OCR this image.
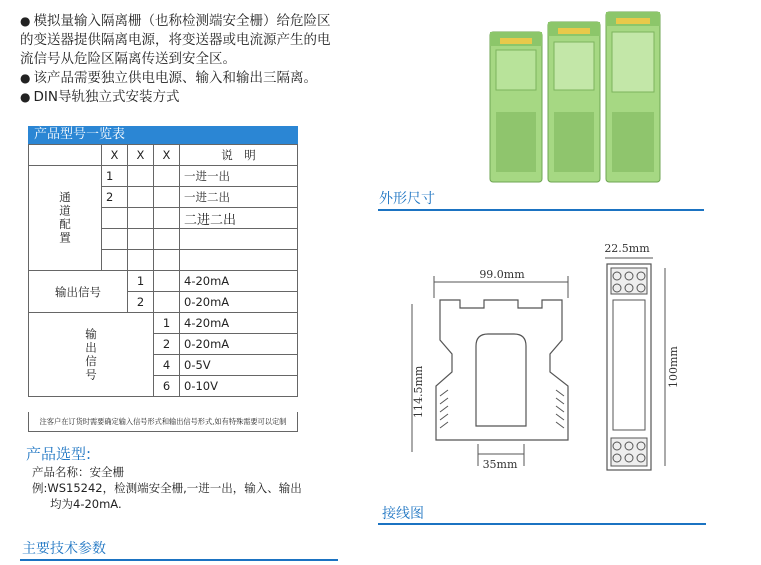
● 模拟量输入隔离栅（也称检测端安全栅）给危险区

的变送器提供隔离电源，将变送器或电流源产生的电

流信号从危险区隔离传送到安全区。

● 该产品需要独立供电电源、输入和输出三隔离。

● DIN导轨独立式安装方式

产品型号一览表
	X	X	X	说　明
通道配置	1			一进一出
	2			一进二出
				二进二出

输出信号		1		4-20mA
		2		0-20mA
输出信号			1	4-20mA
			2	0-20mA
			4	0-5V
			6	0-10V
注客户在订货时需要确定输入信号形式和输出信号形式,如有特殊需要可以定制
产品选型:

产品名称：安全栅

例:WS15242，检测端安全栅,一进一出，输入、输出

均为4-20mA.

主要技术参数
外形尺寸
99.0mm
114.5mm
35mm
22.5mm
100mm
接线图
